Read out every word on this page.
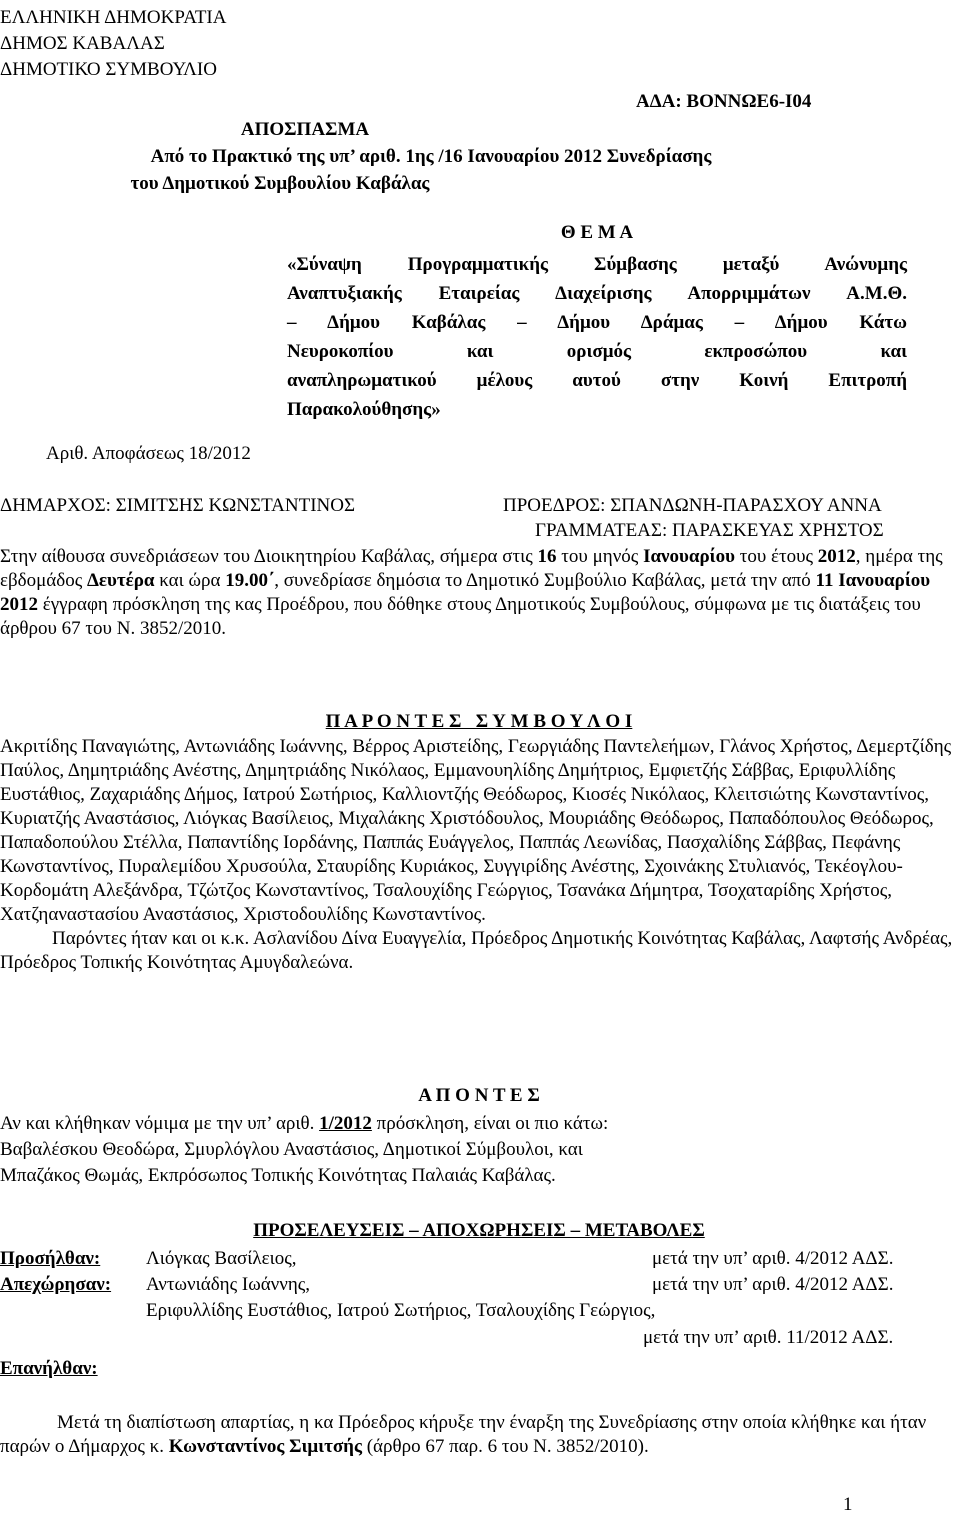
ΕΛΛΗΝΙΚΗ ΔΗΜΟΚΡΑΤΙΑ
ΔΗΜΟΣ ΚΑΒΑΛΑΣ
ΔΗΜΟΤΙΚΟ ΣΥΜΒΟΥΛΙΟ
ΑΔΑ: ΒΟΝΝΩΕ6-Ι04
ΑΠΟΣΠΑΣΜΑ
Από το Πρακτικό της υπ’ αριθ. 1ης /16 Ιανουαρίου 2012 Συνεδρίασης
του Δημοτικού Συμβουλίου Καβάλας
Θ Ε Μ Α
«Σύναψη Προγραμματικής Σύμβασης μεταξύ Ανώνυμης
Αναπτυξιακής Εταιρείας Διαχείρισης Απορριμμάτων Α.Μ.Θ.
– Δήμου Καβάλας – Δήμου Δράμας – Δήμου Κάτω
Νευροκοπίου και ορισμός εκπροσώπου και
αναπληρωματικού μέλους αυτού στην Κοινή Επιτροπή
Παρακολούθησης»
Αριθ. Αποφάσεως 18/2012
ΔΗΜΑΡΧΟΣ: ΣΙΜΙΤΣΗΣ ΚΩΝΣΤΑΝΤΙΝΟΣ	ΠΡΟΕΔΡΟΣ: ΣΠΑΝΔΩΝΗ-ΠΑΡΑΣΧΟΥ ΑΝΝΑ
ΓΡΑΜΜΑΤΕΑΣ: ΠΑΡΑΣΚΕΥΑΣ ΧΡΗΣΤΟΣ

Στην αίθουσα συνεδριάσεων του Διοικητηρίου Καβάλας, σήμερα στις 16 του μηνός Ιανουαρίου του έτους 2012, ημέρα της εβδομάδος Δευτέρα και ώρα 19.00΄, συνεδρίασε δημόσια το Δημοτικό Συμβούλιο Καβάλας, μετά την από 11 Ιανουαρίου 2012 έγγραφη πρόσκληση της κας Προέδρου, που δόθηκε στους Δημοτικούς Συμβούλους, σύμφωνα με τις διατάξεις του άρθρου 67 του Ν. 3852/2010.

Π Α Ρ Ο Ν Τ Ε Σ   Σ Υ Μ Β Ο Υ Λ Ο Ι

Ακριτίδης Παναγιώτης, Αντωνιάδης Ιωάννης, Βέρρος Αριστείδης, Γεωργιάδης Παντελεήμων, Γλάνος Χρήστος, Δεμερτζίδης Παύλος, Δημητριάδης Ανέστης, Δημητριάδης Νικόλαος, Εμμανουηλίδης Δημήτριος, Εμφιετζής Σάββας, Εριφυλλίδης Ευστάθιος, Ζαχαριάδης Δήμος, Ιατρού Σωτήριος, Καλλιοντζής Θεόδωρος, Κιοσές Νικόλαος, Κλειτσιώτης Κωνσταντίνος, Κυριατζής Αναστάσιος, Λιόγκας Βασίλειος, Μιχαλάκης Χριστόδουλος, Μουριάδης Θεόδωρος, Παπαδόπουλος Θεόδωρος, Παπαδοπούλου Στέλλα, Παπαντίδης Ιορδάνης, Παππάς Ευάγγελος, Παππάς Λεωνίδας, Πασχαλίδης Σάββας, Πεφάνης Κωνσταντίνος, Πυραλεμίδου Χρυσούλα, Σταυρίδης Κυριάκος, Συγγιρίδης Ανέστης, Σχοινάκης Στυλιανός, Τεκέογλου-Κορδομάτη Αλεξάνδρα, Τζώτζος Κωνσταντίνος, Τσαλουχίδης Γεώργιος, Τσανάκα Δήμητρα, Τσοχαταρίδης Χρήστος, Χατζηαναστασίου Αναστάσιος, Χριστοδουλίδης Κωνσταντίνος.

Παρόντες ήταν και οι κ.κ. Ασλανίδου Δίνα Ευαγγελία, Πρόεδρος Δημοτικής Κοινότητας Καβάλας, Λαφτσής Ανδρέας, Πρόεδρος Τοπικής Κοινότητας Αμυγδαλεώνα.

Α Π Ο Ν Τ Ε Σ
Αν και κλήθηκαν νόμιμα με την υπ’ αριθ. 1/2012 πρόσκληση, είναι οι πιο κάτω:
Βαβαλέσκου Θεοδώρα, Σμυρλόγλου Αναστάσιος, Δημοτικοί Σύμβουλοι, και
Μπαζάκος Θωμάς, Εκπρόσωπος Τοπικής Κοινότητας Παλαιάς Καβάλας.
ΠΡΟΣΕΛΕΥΣΕΙΣ – ΑΠΟΧΩΡΗΣΕΙΣ – ΜΕΤΑΒΟΛΕΣ
Προσήλθαν: Λιόγκας Βασίλειος,	μετά την υπ’ αριθ. 4/2012 ΑΔΣ.
Απεχώρησαν: Αντωνιάδης Ιωάννης,	μετά την υπ’ αριθ. 4/2012 ΑΔΣ.
Εριφυλλίδης Ευστάθιος, Ιατρού Σωτήριος, Τσαλουχίδης Γεώργιος,
μετά την υπ’ αριθ. 11/2012 ΑΔΣ.
Επανήλθαν:

Μετά τη διαπίστωση απαρτίας, η κα Πρόεδρος κήρυξε την έναρξη της Συνεδρίασης στην οποία κλήθηκε και ήταν παρών ο Δήμαρχος κ. Κωνσταντίνος Σιμιτσής (άρθρο 67 παρ. 6 του Ν. 3852/2010).

1
